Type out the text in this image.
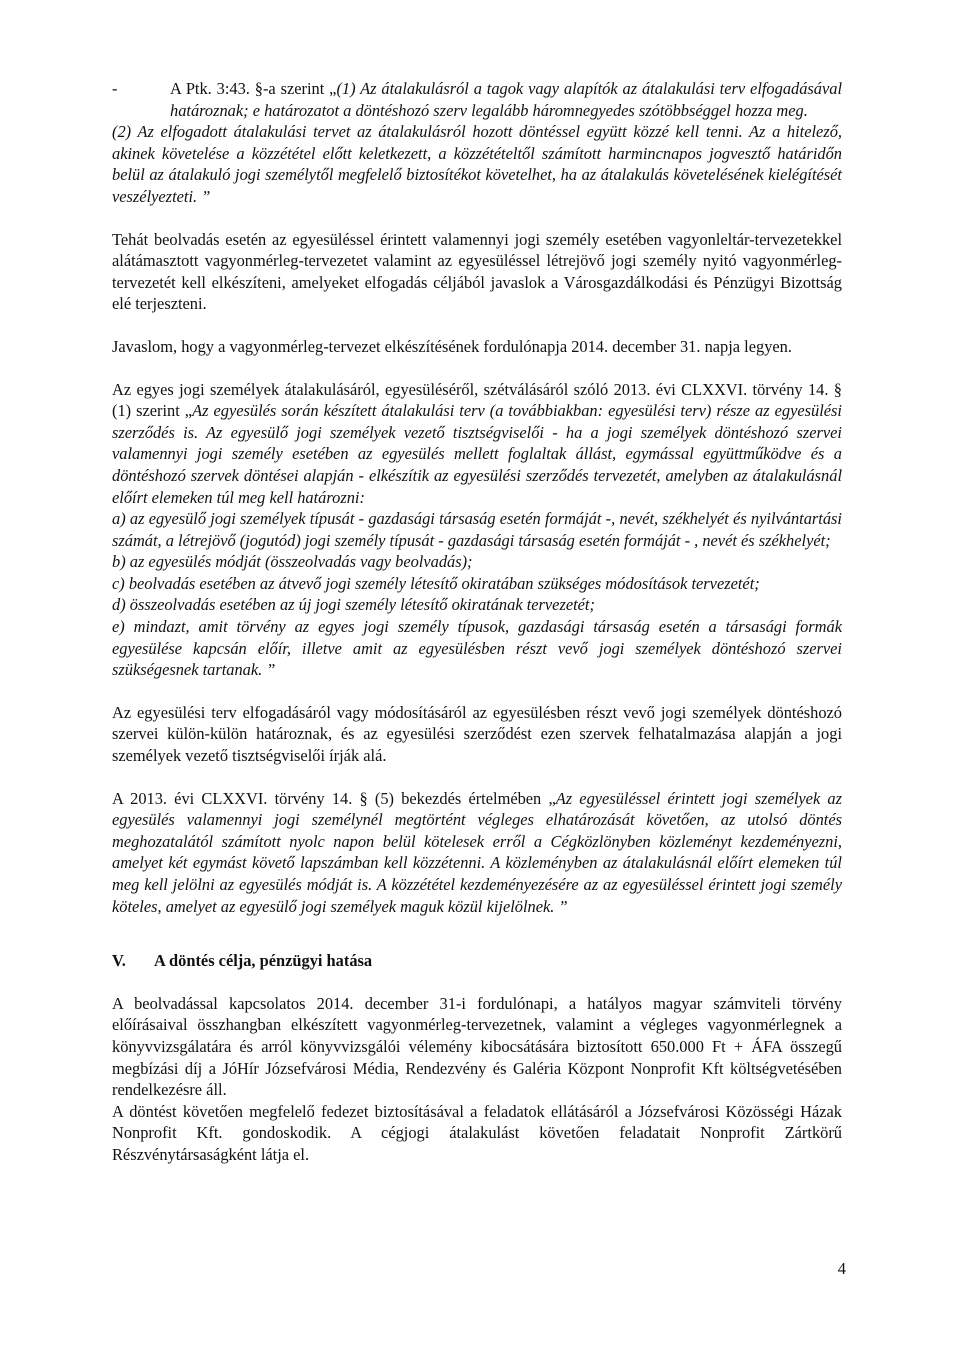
-	A Ptk. 3:43. §-a szerint „(1) Az átalakulásról a tagok vagy alapítók az átalakulási terv elfogadásával határoznak; e határozatot a döntéshozó szerv legalább háromnegyedes szótöbbséggel hozza meg.

(2) Az elfogadott átalakulási tervet az átalakulásról hozott döntéssel együtt közzé kell tenni. Az a hitelező, akinek követelése a közzététel előtt keletkezett, a közzétételtől számított harmincnapos jogvesztő határidőn belül az átalakuló jogi személytől megfelelő biztosítékot követelhet, ha az átalakulás követelésének kielégítését veszélyezteti. ”

Tehát beolvadás esetén az egyesüléssel érintett valamennyi jogi személy esetében vagyonleltár-tervezetekkel alátámasztott vagyonmérleg-tervezetet valamint az egyesüléssel létrejövő jogi személy nyitó vagyonmérleg-tervezetét kell elkészíteni, amelyeket elfogadás céljából javaslok a Városgazdálkodási és Pénzügyi Bizottság elé terjeszteni.

Javaslom, hogy a vagyonmérleg-tervezet elkészítésének fordulónapja 2014. december 31. napja legyen.

Az egyes jogi személyek átalakulásáról, egyesüléséről, szétválásáról szóló 2013. évi CLXXVI. törvény 14. § (1) szerint „Az egyesülés során készített átalakulási terv (a továbbiakban: egyesülési terv) része az egyesülési szerződés is. Az egyesülő jogi személyek vezető tisztségviselői - ha a jogi személyek döntéshozó szervei valamennyi jogi személy esetében az egyesülés mellett foglaltak állást, egymással együttműködve és a döntéshozó szervek döntései alapján - elkészítik az egyesülési szerződés tervezetét, amelyben az átalakulásnál előírt elemeken túl meg kell határozni:

a) az egyesülő jogi személyek típusát - gazdasági társaság esetén formáját -, nevét, székhelyét és nyilvántartási számát, a létrejövő (jogutód) jogi személy típusát - gazdasági társaság esetén formáját - , nevét és székhelyét;

b) az egyesülés módját (összeolvadás vagy beolvadás);

c) beolvadás esetében az átvevő jogi személy létesítő okiratában szükséges módosítások tervezetét;

d) összeolvadás esetében az új jogi személy létesítő okiratának tervezetét;

e) mindazt, amit törvény az egyes jogi személy típusok, gazdasági társaság esetén a társasági formák egyesülése kapcsán előír, illetve amit az egyesülésben részt vevő jogi személyek döntéshozó szervei szükségesnek tartanak. ”

Az egyesülési terv elfogadásáról vagy módosításáról az egyesülésben részt vevő jogi személyek döntéshozó szervei külön-külön határoznak, és az egyesülési szerződést ezen szervek felhatalmazása alapján a jogi személyek vezető tisztségviselői írják alá.

A 2013. évi CLXXVI. törvény 14. § (5) bekezdés értelmében „Az egyesüléssel érintett jogi személyek az egyesülés valamennyi jogi személynél megtörtént végleges elhatározását követően, az utolsó döntés meghozatalától számított nyolc napon belül kötelesek erről a Cégközlönyben közleményt kezdeményezni, amelyet két egymást követő lapszámban kell közzétenni. A közleményben az átalakulásnál előírt elemeken túl meg kell jelölni az egyesülés módját is. A közzététel kezdeményezésére az az egyesüléssel érintett jogi személy köteles, amelyet az egyesülő jogi személyek maguk közül kijelölnek. ”

V.	A döntés célja, pénzügyi hatása

A beolvadással kapcsolatos 2014. december 31-i fordulónapi, a hatályos magyar számviteli törvény előírásaival összhangban elkészített vagyonmérleg-tervezetnek, valamint a végleges vagyonmérlegnek a könyvvizsgálatára és arról könyvvizsgálói vélemény kibocsátására biztosított 650.000 Ft + ÁFA összegű megbízási díj a JóHír Józsefvárosi Média, Rendezvény és Galéria Központ Nonprofit Kft költségvetésében rendelkezésre áll.

A döntést követően megfelelő fedezet biztosításával a feladatok ellátásáról a Józsefvárosi Közösségi Házak Nonprofit Kft. gondoskodik. A cégjogi átalakulást követően feladatait Nonprofit Zártkörű Részvénytársaságként látja el.

4
